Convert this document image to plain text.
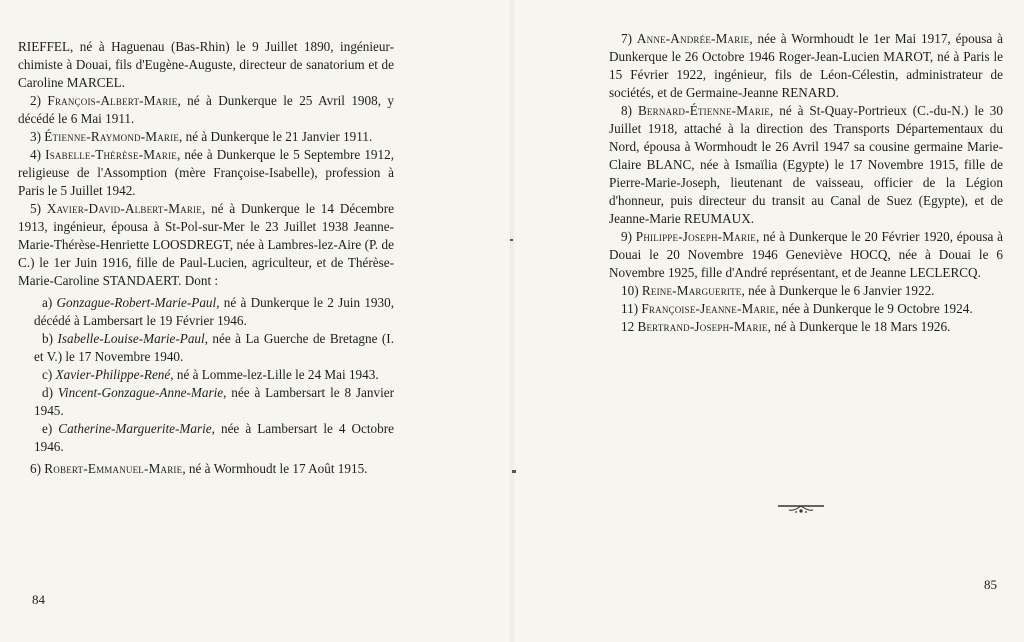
RIEFFEL, né à Haguenau (Bas-Rhin) le 9 Juillet 1890, ingénieur-chimiste à Douai, fils d'Eugène-Auguste, directeur de sanatorium et de Caroline MARCEL.

2) François-Albert-Marie, né à Dunkerque le 25 Avril 1908, y décédé le 6 Mai 1911.

3) Étienne-Raymond-Marie, né à Dunkerque le 21 Janvier 1911.

4) Isabelle-Thérèse-Marie, née à Dunkerque le 5 Septembre 1912, religieuse de l'Assomption (mère Françoise-Isabelle), profession à Paris le 5 Juillet 1942.

5) Xavier-David-Albert-Marie, né à Dunkerque le 14 Décembre 1913, ingénieur, épousa à St-Pol-sur-Mer le 23 Juillet 1938 Jeanne-Marie-Thérèse-Henriette LOOSDREGT, née à Lambres-lez-Aire (P. de C.) le 1er Juin 1916, fille de Paul-Lucien, agriculteur, et de Thérèse-Marie-Caroline STANDAERT. Dont :

a) Gonzague-Robert-Marie-Paul, né à Dunkerque le 2 Juin 1930, décédé à Lambersart le 19 Février 1946.

b) Isabelle-Louise-Marie-Paul, née à La Guerche de Bretagne (I. et V.) le 17 Novembre 1940.

c) Xavier-Philippe-René, né à Lomme-lez-Lille le 24 Mai 1943.

d) Vincent-Gonzague-Anne-Marie, née à Lambersart le 8 Janvier 1945.

e) Catherine-Marguerite-Marie, née à Lambersart le 4 Octobre 1946.

6) Robert-Emmanuel-Marie, né à Wormhoudt le 17 Août 1915.

84

7) Anne-Andrée-Marie, née à Wormhoudt le 1er Mai 1917, épousa à Dunkerque le 26 Octobre 1946 Roger-Jean-Lucien MAROT, né à Paris le 15 Février 1922, ingénieur, fils de Léon-Célestin, administrateur de sociétés, et de Germaine-Jeanne RENARD.

8) Bernard-Étienne-Marie, né à St-Quay-Portrieux (C.-du-N.) le 30 Juillet 1918, attaché à la direction des Transports Départementaux du Nord, épousa à Wormhoudt le 26 Avril 1947 sa cousine germaine Marie-Claire BLANC, née à Ismaïlia (Egypte) le 17 Novembre 1915, fille de Pierre-Marie-Joseph, lieutenant de vaisseau, officier de la Légion d'honneur, puis directeur du transit au Canal de Suez (Egypte), et de Jeanne-Marie REUMAUX.

9) Philippe-Joseph-Marie, né à Dunkerque le 20 Février 1920, épousa à Douai le 20 Novembre 1946 Geneviève HOCQ, née à Douai le 6 Novembre 1925, fille d'André représentant, et de Jeanne LECLERCQ.

10) Reine-Marguerite, née à Dunkerque le 6 Janvier 1922.

11) Françoise-Jeanne-Marie, née à Dunkerque le 9 Octobre 1924.

12 Bertrand-Joseph-Marie, né à Dunkerque le 18 Mars 1926.

85
